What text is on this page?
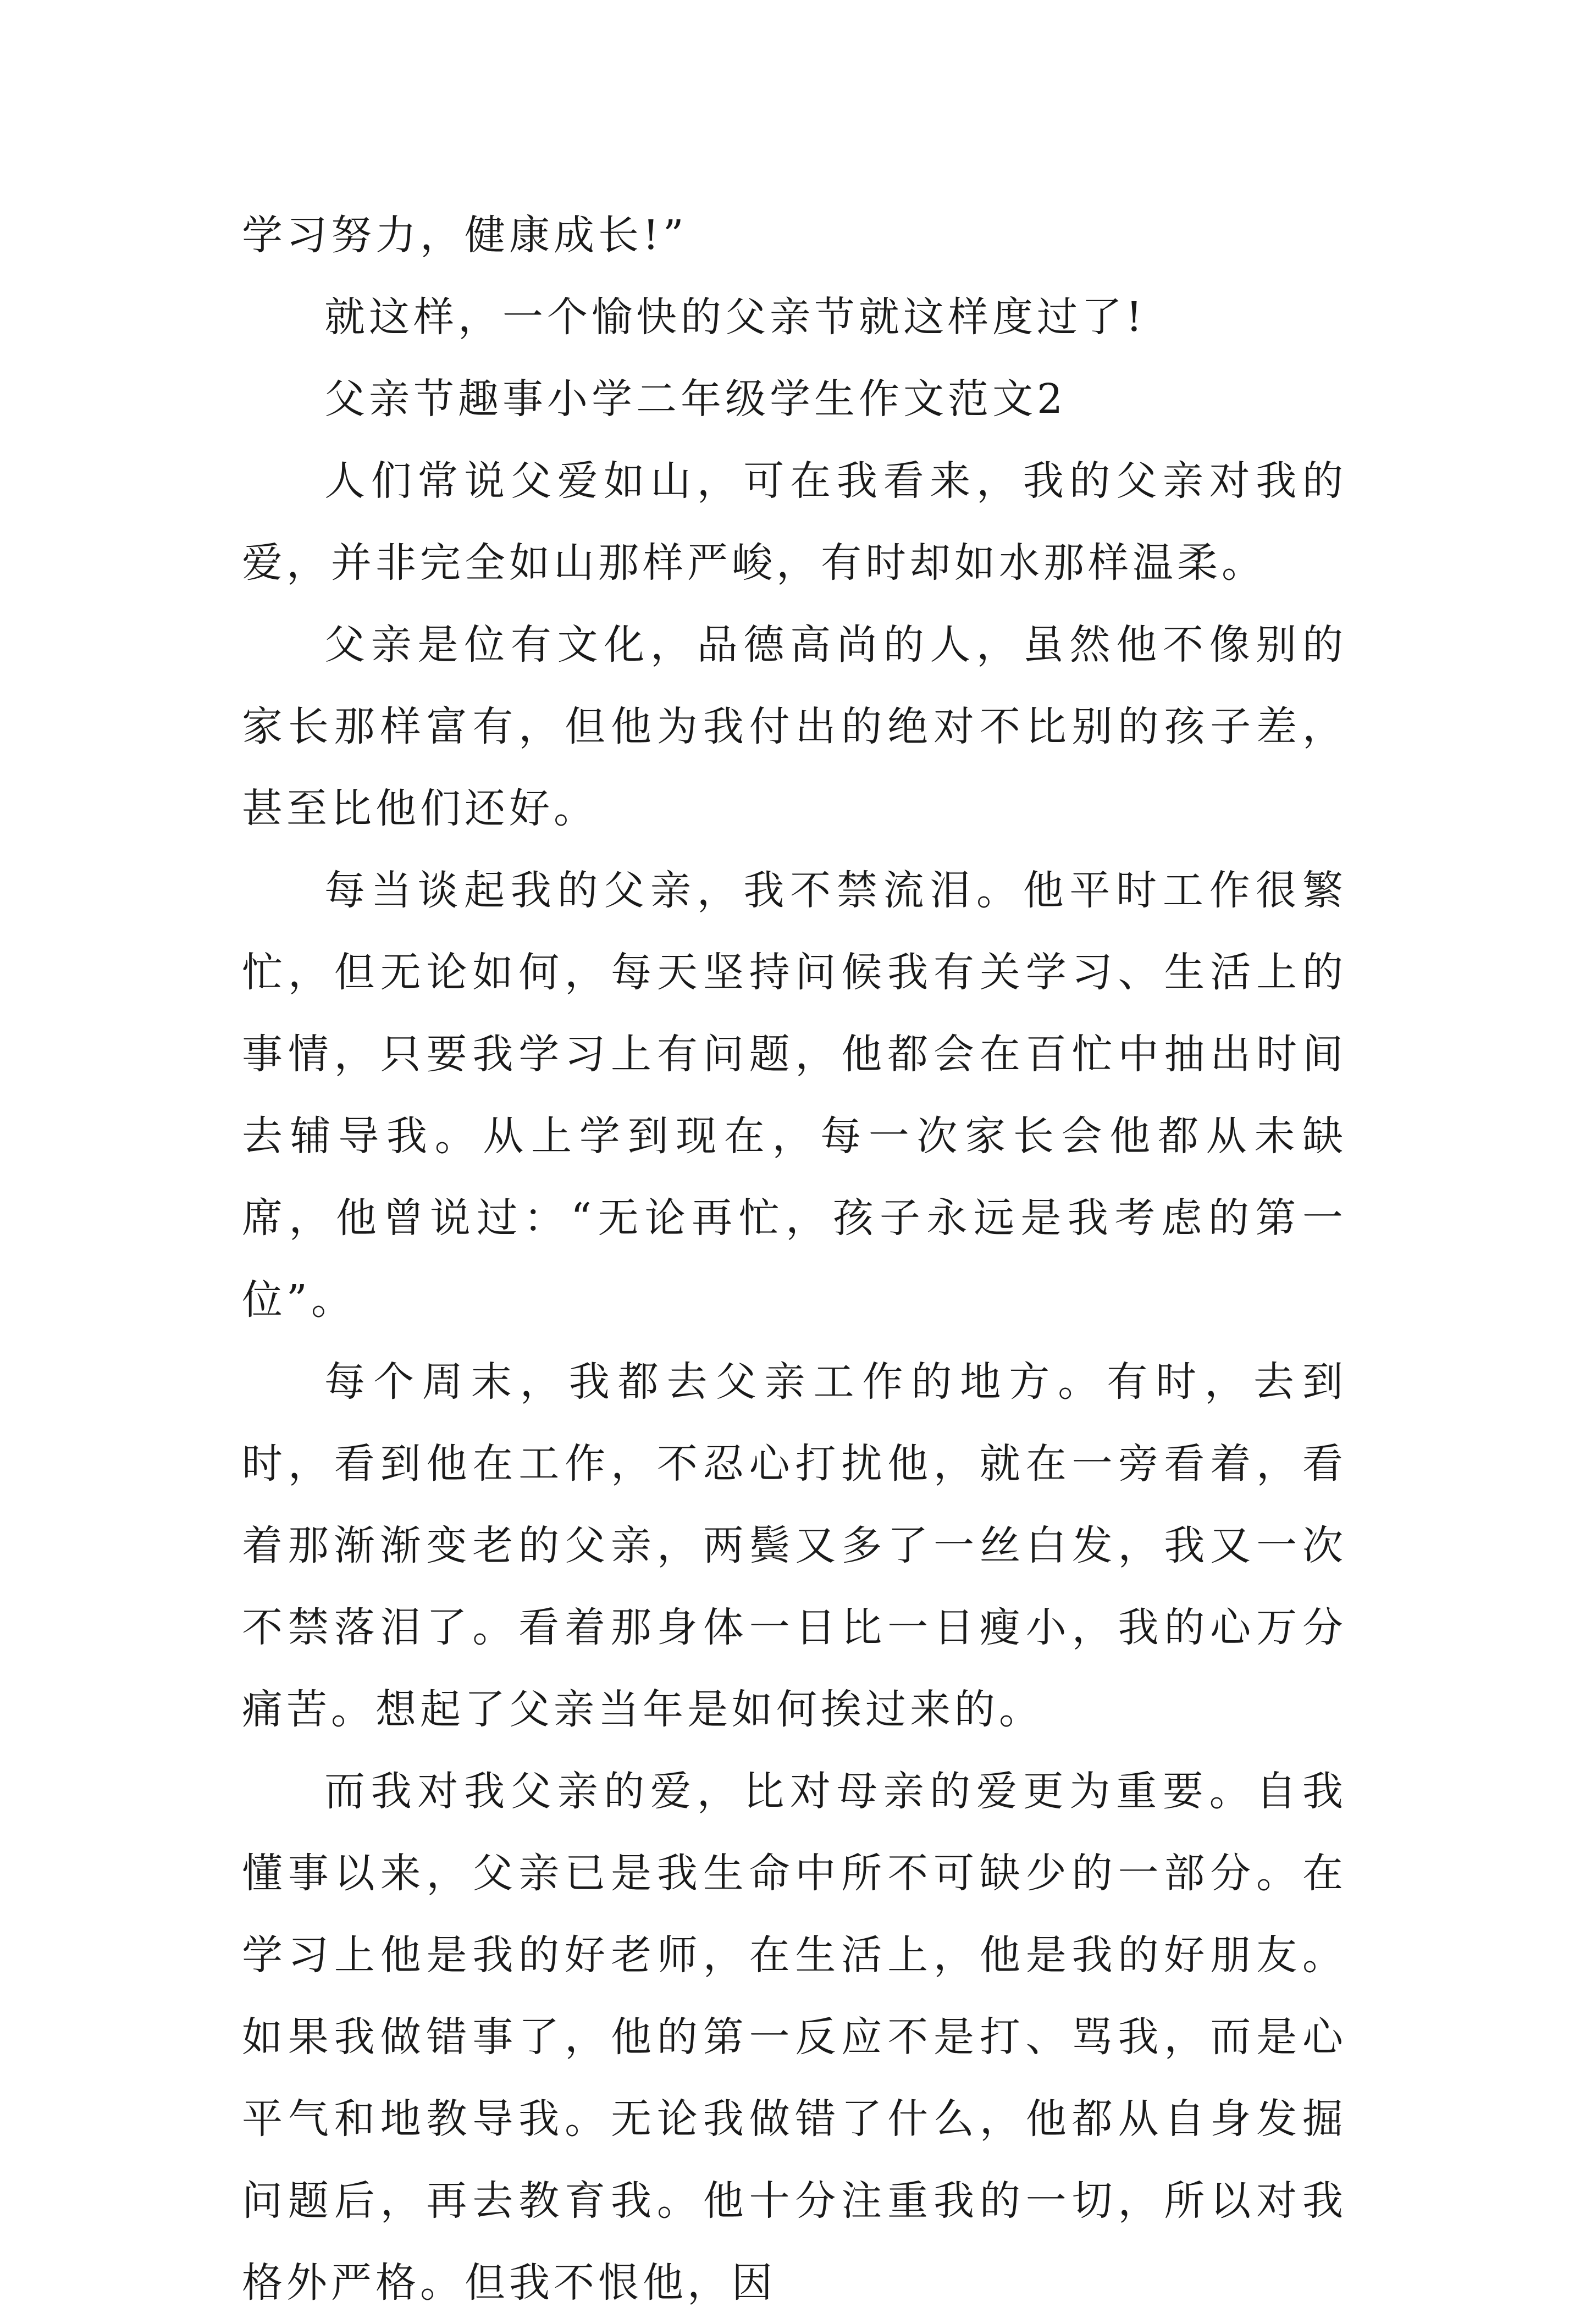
学习努力，健康成长!”

就这样，一个愉快的父亲节就这样度过了!

父亲节趣事小学二年级学生作文范文2

人们常说父爱如山，可在我看来，我的父亲对我的爱，并非完全如山那样严峻，有时却如水那样温柔。

父亲是位有文化，品德高尚的人，虽然他不像别的家长那样富有，但他为我付出的绝对不比别的孩子差，甚至比他们还好。

每当谈起我的父亲，我不禁流泪。他平时工作很繁忙，但无论如何，每天坚持问候我有关学习、生活上的事情，只要我学习上有问题，他都会在百忙中抽出时间去辅导我。从上学到现在，每一次家长会他都从未缺席，他曾说过：“无论再忙，孩子永远是我考虑的第一位”。

每个周末，我都去父亲工作的地方。有时，去到时，看到他在工作，不忍心打扰他，就在一旁看着，看着那渐渐变老的父亲，两鬓又多了一丝白发，我又一次不禁落泪了。看着那身体一日比一日瘦小，我的心万分痛苦。想起了父亲当年是如何挨过来的。

而我对我父亲的爱，比对母亲的爱更为重要。自我懂事以来，父亲已是我生命中所不可缺少的一部分。在学习上他是我的好老师，在生活上，他是我的好朋友。如果我做错事了，他的第一反应不是打、骂我，而是心平气和地教导我。无论我做错了什么，他都从自身发掘问题后，再去教育我。他十分注重我的一切，所以对我格外严格。但我不恨他，因
